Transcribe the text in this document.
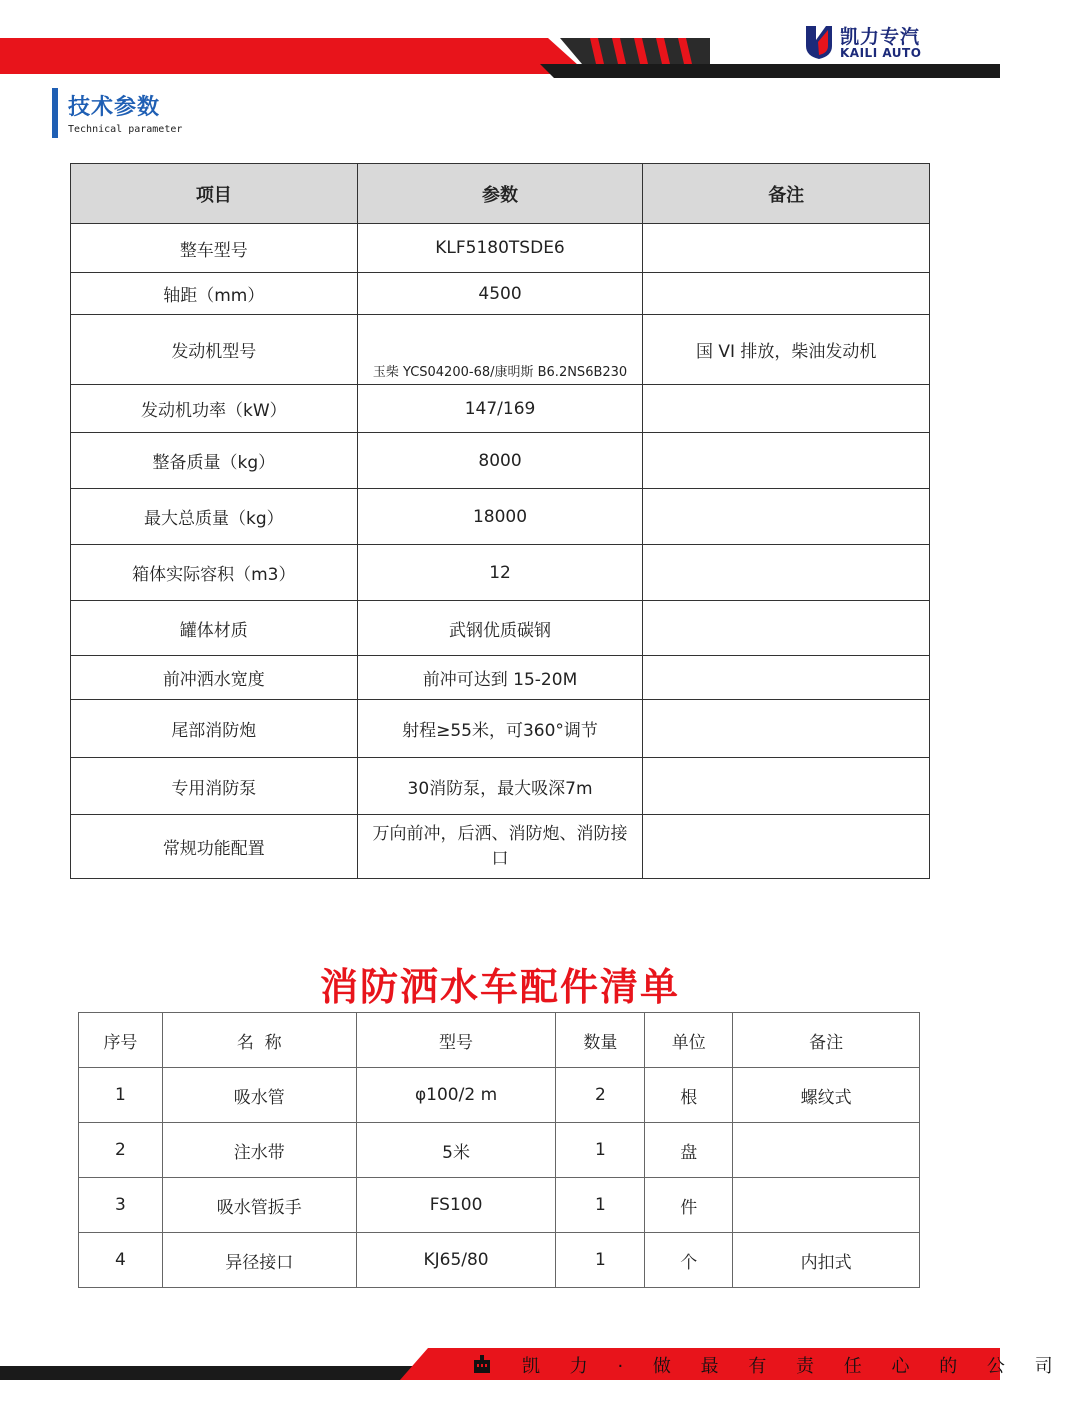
凯力专汽
KAILI AUTO
技术参数
Technical parameter
项目	参数	备注
整车型号	KLF5180TSDE6	
轴距（mm）	4500	
发动机型号	玉柴 YCS04200-68/康明斯 B6.2NS6B230	国 VI 排放，柴油发动机
发动机功率（kW）	147/169	
整备质量（kg）	8000	
最大总质量（kg）	18000	
箱体实际容积（m3）	12	
罐体材质	武钢优质碳钢	
前冲洒水宽度	前冲可达到 15-20M	
尾部消防炮	射程≥55米，可360°调节	
专用消防泵	30消防泵，最大吸深7m	
常规功能配置	万向前冲，后洒、消防炮、消防接口	
消防洒水车配件清单
序号	名  称	型号	数量	单位	备注
1	吸水管	φ100/2 m	2	根	螺纹式
2	注水带	5米	1	盘	
3	吸水管扳手	FS100	1	件	
4	异径接口	KJ65/80	1	个	内扣式
凯 力 · 做 最 有 责 任 心 的 公 司
